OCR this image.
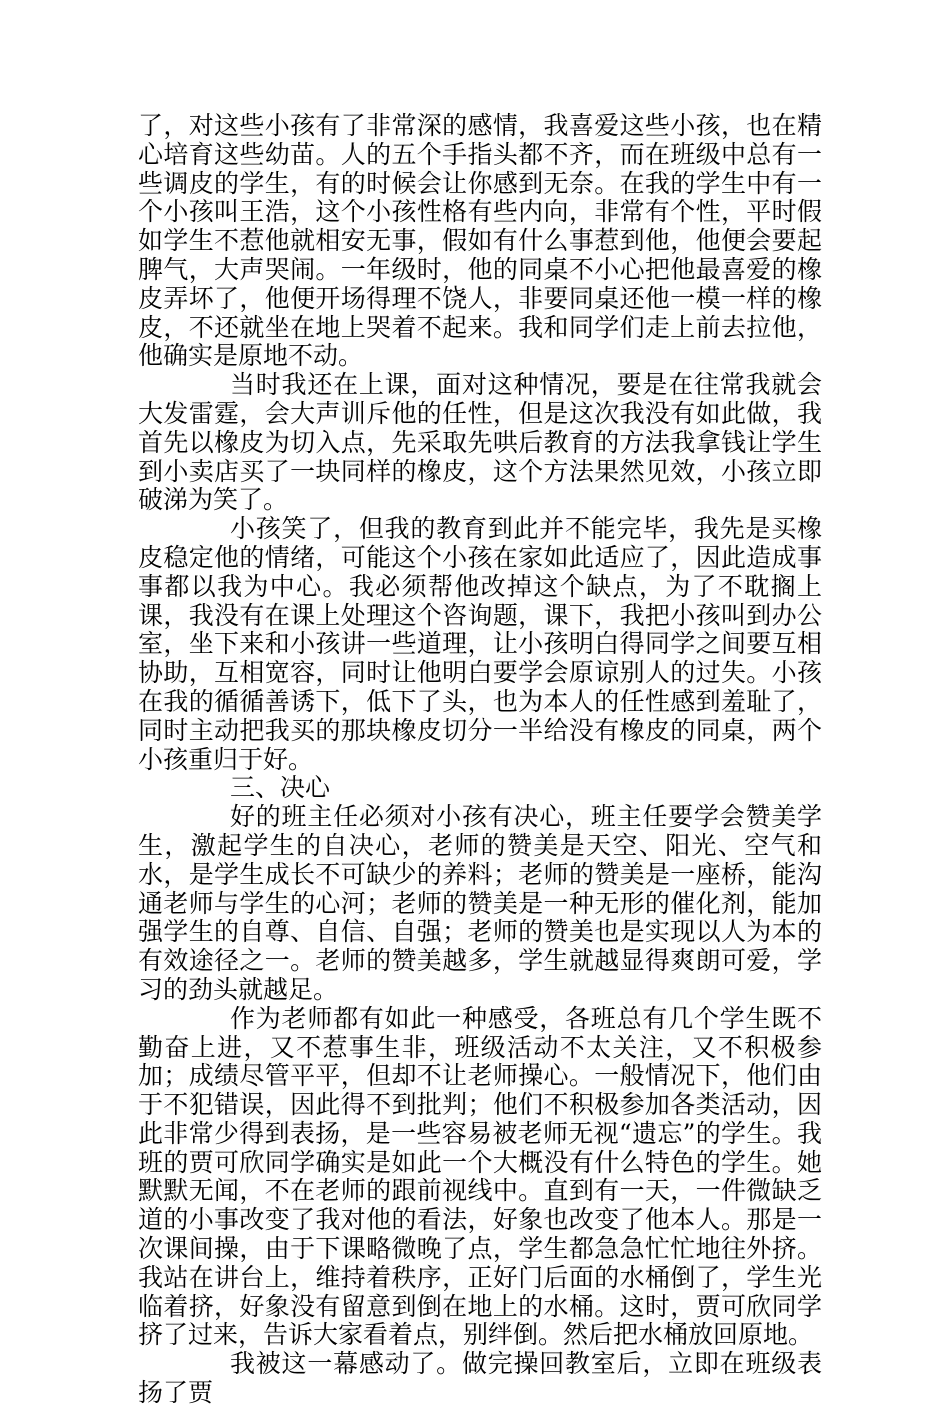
了，对这些小孩有了非常深的感情，我喜爱这些小孩，也在精心培育这些幼苗。人的五个手指头都不齐，而在班级中总有一些调皮的学生，有的时候会让你感到无奈。在我的学生中有一个小孩叫王浩，这个小孩性格有些内向，非常有个性，平时假如学生不惹他就相安无事，假如有什么事惹到他，他便会要起脾气，大声哭闹。一年级时，他的同桌不小心把他最喜爱的橡皮弄坏了，他便开场得理不饶人，非要同桌还他一模一样的橡皮，不还就坐在地上哭着不起来。我和同学们走上前去拉他，他确实是原地不动。

当时我还在上课，面对这种情况，要是在往常我就会大发雷霆，会大声训斥他的任性，但是这次我没有如此做，我首先以橡皮为切入点，先采取先哄后教育的方法我拿钱让学生到小卖店买了一块同样的橡皮，这个方法果然见效，小孩立即破涕为笑了。

小孩笑了，但我的教育到此并不能完毕，我先是买橡皮稳定他的情绪，可能这个小孩在家如此适应了，因此造成事事都以我为中心。我必须帮他改掉这个缺点，为了不耽搁上课，我没有在课上处理这个咨询题，课下，我把小孩叫到办公室，坐下来和小孩讲一些道理，让小孩明白得同学之间要互相协助，互相宽容，同时让他明白要学会原谅别人的过失。小孩在我的循循善诱下，低下了头，也为本人的任性感到羞耻了，同时主动把我买的那块橡皮切分一半给没有橡皮的同桌，两个小孩重归于好。

三、决心

好的班主任必须对小孩有决心，班主任要学会赞美学生，激起学生的自决心，老师的赞美是天空、阳光、空气和水，是学生成长不可缺少的养料；老师的赞美是一座桥，能沟通老师与学生的心河；老师的赞美是一种无形的催化剂，能加强学生的自尊、自信、自强；老师的赞美也是实现以人为本的有效途径之一。老师的赞美越多，学生就越显得爽朗可爱，学习的劲头就越足。

作为老师都有如此一种感受，各班总有几个学生既不勤奋上进，又不惹事生非，班级活动不太关注，又不积极参加；成绩尽管平平，但却不让老师操心。一般情况下，他们由于不犯错误，因此得不到批判；他们不积极参加各类活动，因此非常少得到表扬，是一些容易被老师无视“遗忘”的学生。我班的贾可欣同学确实是如此一个大概没有什么特色的学生。她默默无闻，不在老师的跟前视线中。直到有一天，一件微缺乏道的小事改变了我对他的看法，好象也改变了他本人。那是一次课间操，由于下课略微晚了点，学生都急急忙忙地往外挤。我站在讲台上，维持着秩序，正好门后面的水桶倒了，学生光临着挤，好象没有留意到倒在地上的水桶。这时，贾可欣同学挤了过来，告诉大家看着点，别绊倒。然后把水桶放回原地。

我被这一幕感动了。做完操回教室后，立即在班级表扬了贾
